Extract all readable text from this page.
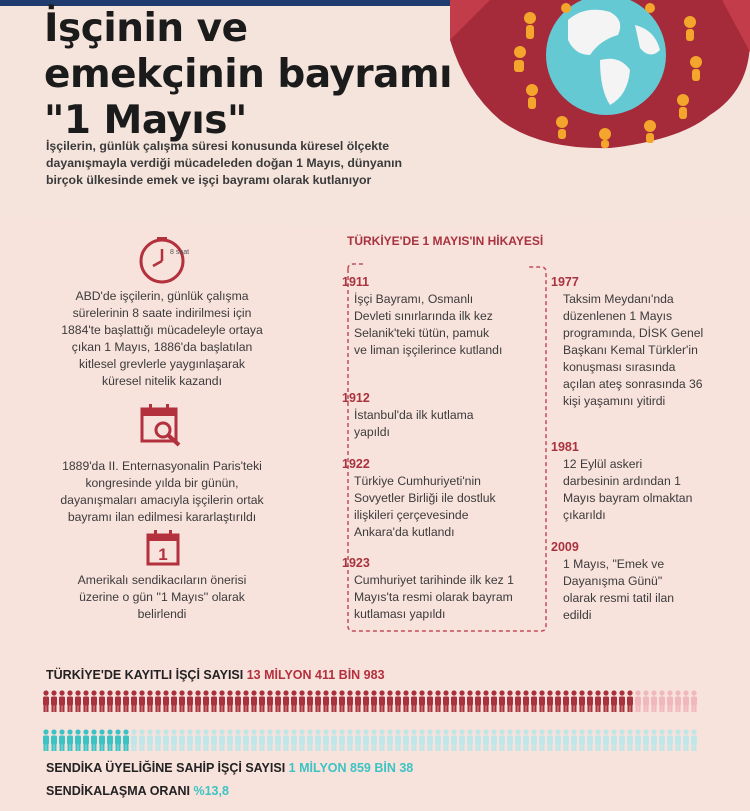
İşçinin ve
emekçinin bayramı
"1 Mayıs"
İşçilerin, günlük çalışma süresi konusunda küresel ölçekte dayanışmayla verdiği mücadeleden doğan 1 Mayıs, dünyanın birçok ülkesinde emek ve işçi bayramı olarak kutlanıyor
8 saat
ABD'de işçilerin, günlük çalışma sürelerinin 8 saate indirilmesi için 1884'te başlattığı mücadeleyle ortaya çıkan 1 Mayıs, 1886'da başlatılan kitlesel grevlerle yaygınlaşarak küresel nitelik kazandı
1889'da II. Enternasyonalin Paris'teki kongresinde yılda bir günün, dayanışmaları amacıyla işçilerin ortak bayramı ilan edilmesi kararlaştırıldı
1
Amerikalı sendikacıların önerisi üzerine o gün ''1 Mayıs'' olarak belirlendi
TÜRKİYE'DE 1 MAYIS'IN HİKAYESİ
1911
İşçi Bayramı, Osmanlı Devleti sınırlarında ilk kez Selanik'teki tütün, pamuk ve liman işçilerince kutlandı
1912
İstanbul'da ilk kutlama yapıldı
1922
Türkiye Cumhuriyeti'nin Sovyetler Birliği ile dostluk ilişkileri çerçevesinde Ankara'da kutlandı
1923
Cumhuriyet tarihinde ilk kez 1 Mayıs'ta resmi olarak bayram kutlaması yapıldı
1977
Taksim Meydanı'nda düzenlenen 1 Mayıs programında, DİSK Genel Başkanı Kemal Türkler'in konuşması sırasında açılan ateş sonrasında 36 kişi yaşamını yitirdi
1981
12 Eylül askeri darbesinin ardından 1 Mayıs bayram olmaktan çıkarıldı
2009
1 Mayıs, "Emek ve Dayanışma Günü" olarak resmi tatil ilan edildi
TÜRKİYE'DE KAYITLI İŞÇİ SAYISI 13 MİLYON 411 BİN 983
SENDİKA ÜYELİĞİNE SAHİP İŞÇİ SAYISI 1 MİLYON 859 BİN 38
SENDİKALAŞMA ORANI %13,8
